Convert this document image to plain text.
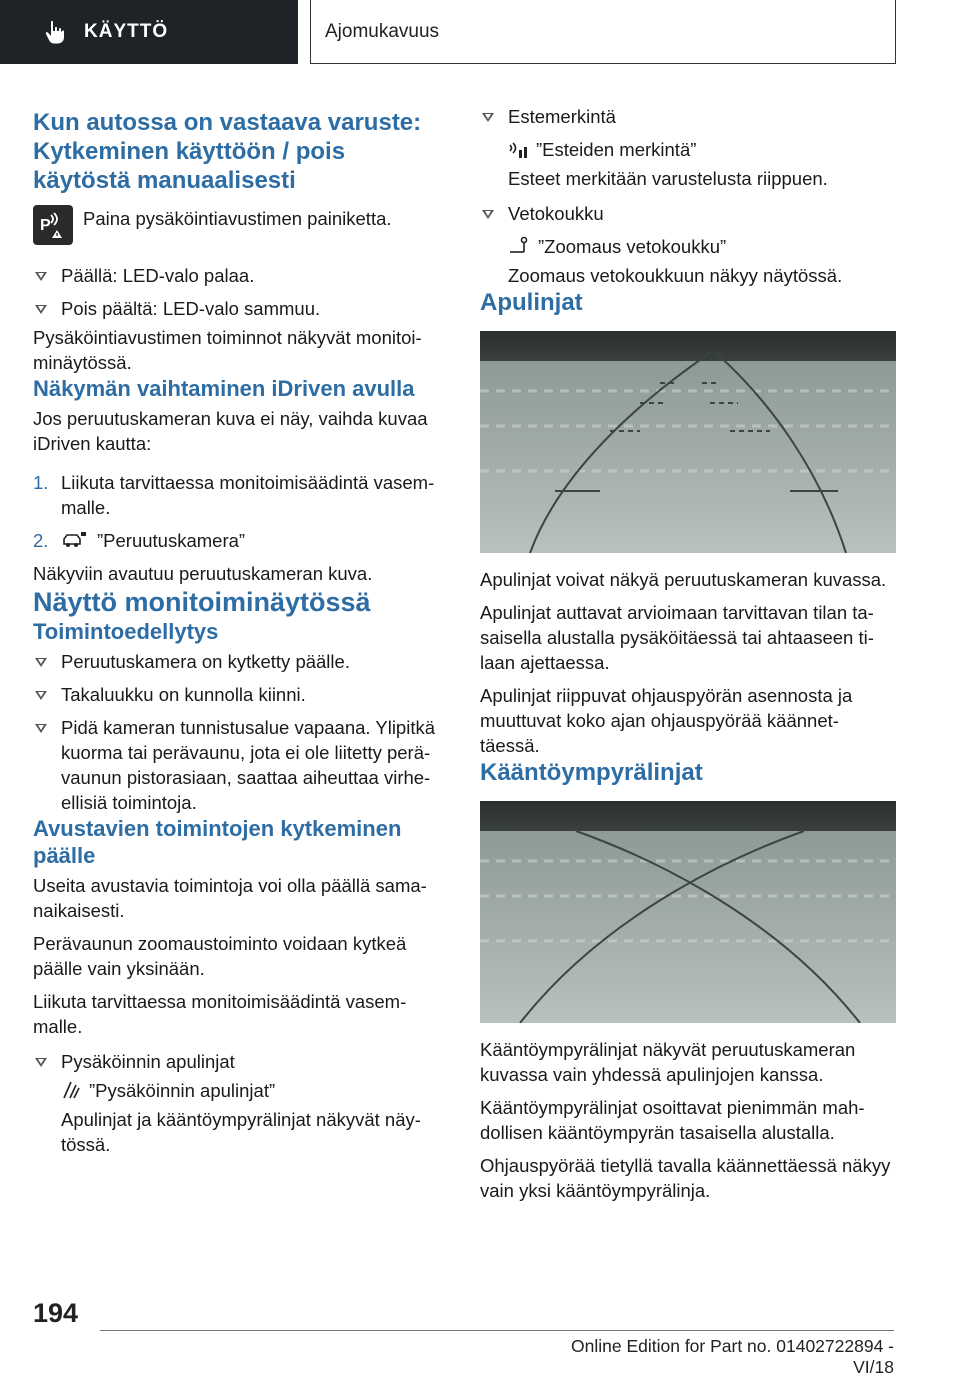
KÄYTTÖ	Ajomukavuus
Kun autossa on vastaava varuste: Kytkeminen käyttöön / pois käytöstä manuaalisesti
P Paina pysäköintiavustimen painiketta.

Päällä: LED-valo palaa.
Pois päältä: LED-valo sammuu.

Pysäköintiavustimen toiminnot näkyvät monitoi-minäytössä.

Näkymän vaihtaminen iDriven avulla

Jos peruutuskameran kuva ei näy, vaihda kuvaa iDriven kautta:

1. Liikuta tarvittaessa monitoimisäädintä vasem-malle.
2.	”Peruutuskamera”

Näkyviin avautuu peruutuskameran kuva.

Näyttö monitoiminäytössä
Toimintoedellytys
Peruutuskamera on kytketty päälle.
Takaluukku on kunnolla kiinni.
Pidä kameran tunnistusalue vapaana. Ylipitkä kuorma tai perävaunu, jota ei ole liitetty perä-vaunun pistorasiaan, saattaa aiheuttaa virhe-ellisiä toimintoja.
Avustavien toimintojen kytkeminen päälle

Useita avustavia toimintoja voi olla päällä sama-naikaisesti.

Perävaunun zoomaustoiminto voidaan kytkeä päälle vain yksinään.

Liikuta tarvittaessa monitoimisäädintä vasem-malle.

Pysäköinnin apulinjat
”Pysäköinnin apulinjat”
Apulinjat ja kääntöympyrälinjat näkyvät näy-tössä.
Estemerkintä
”Esteiden merkintä”
Esteet merkitään varustelusta riippuen.
Vetokoukku
”Zoomaus vetokoukku”
Zoomaus vetokoukkuun näkyy näytössä.
Apulinjat

Apulinjat voivat näkyä peruutuskameran kuvassa.

Apulinjat auttavat arvioimaan tarvittavan tilan ta-saisella alustalla pysäköitäessä tai ahtaaseen ti-laan ajettaessa.

Apulinjat riippuvat ohjauspyörän asennosta ja muuttuvat koko ajan ohjauspyörää käännet-täessä.

Kääntöympyrälinjat

Kääntöympyrälinjat näkyvät peruutuskameran kuvassa vain yhdessä apulinjojen kanssa.

Kääntöympyrälinjat osoittavat pienimmän mah-dollisen kääntöympyrän tasaisella alustalla.

Ohjauspyörää tietyllä tavalla käännettäessä näkyy vain yksi kääntöympyrälinja.

194
Online Edition for Part no. 01402722894 - VI/18
